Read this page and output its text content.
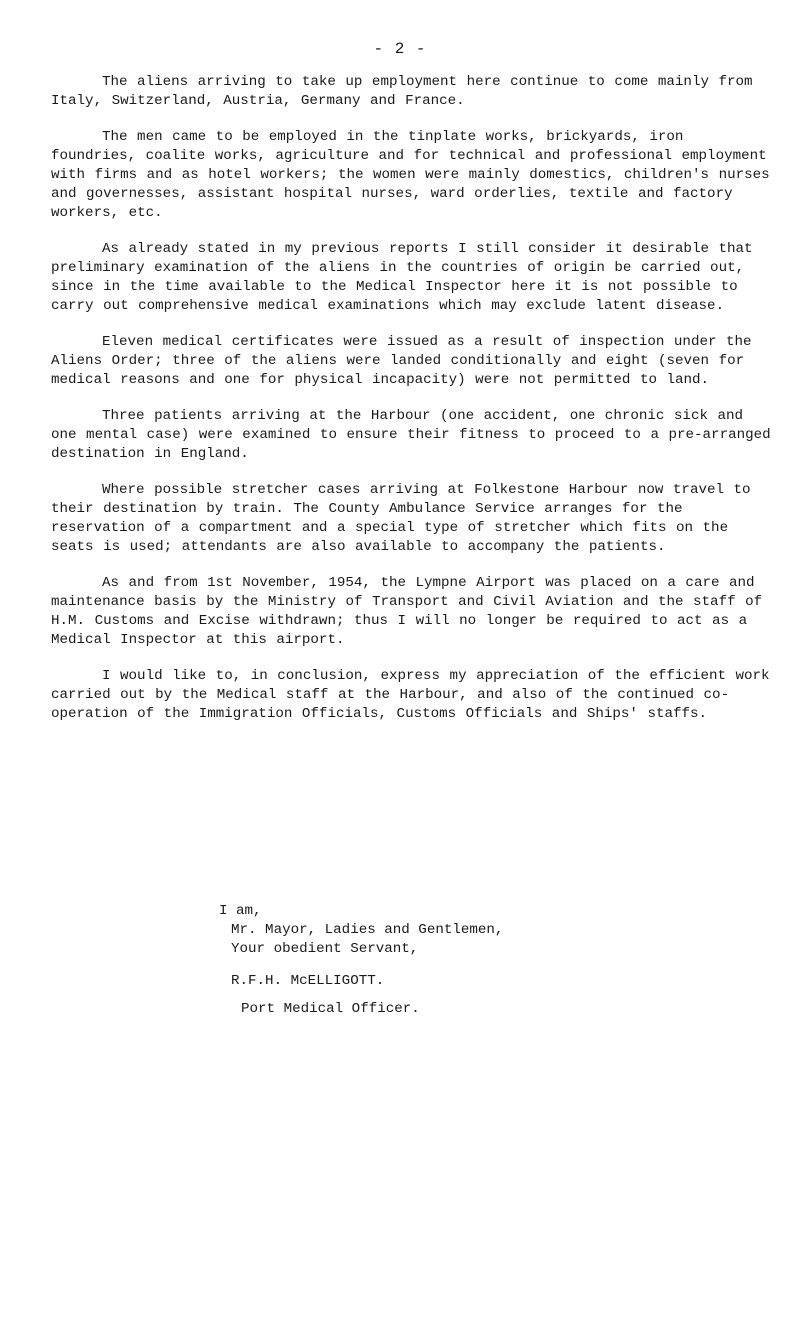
- 2 -

The aliens arriving to take up employment here continue to come mainly from Italy, Switzerland, Austria, Germany and France.

The men came to be employed in the tinplate works, brickyards, iron foundries, coalite works, agriculture and for technical and professional employment with firms and as hotel workers; the women were mainly domestics, children's nurses and governesses, assistant hospital nurses, ward orderlies, textile and factory workers, etc.

As already stated in my previous reports I still consider it desirable that preliminary examination of the aliens in the countries of origin be carried out, since in the time available to the Medical Inspector here it is not possible to carry out comprehensive medical examinations which may exclude latent disease.

Eleven medical certificates were issued as a result of inspection under the Aliens Order; three of the aliens were landed conditionally and eight (seven for medical reasons and one for physical incapacity) were not permitted to land.

Three patients arriving at the Harbour (one accident, one chronic sick and one mental case) were examined to ensure their fitness to proceed to a pre-arranged destination in England.

Where possible stretcher cases arriving at Folkestone Harbour now travel to their destination by train. The County Ambulance Service arranges for the reservation of a compartment and a special type of stretcher which fits on the seats is used; attendants are also available to accompany the patients.

As and from 1st November, 1954, the Lympne Airport was placed on a care and maintenance basis by the Ministry of Transport and Civil Aviation and the staff of H.M. Customs and Excise withdrawn; thus I will no longer be required to act as a Medical Inspector at this airport.

I would like to, in conclusion, express my appreciation of the efficient work carried out by the Medical staff at the Harbour, and also of the continued co-operation of the Immigration Officials, Customs Officials and Ships' staffs.

I am,
Mr. Mayor, Ladies and Gentlemen,
Your obedient Servant,
R.F.H. McELLIGOTT.
Port Medical Officer.
